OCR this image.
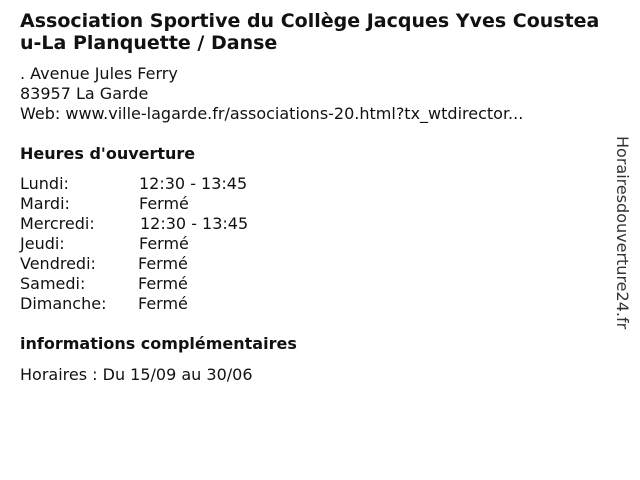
Association Sportive du Collège Jacques Yves Cousteau-La Planquette / Danse
. Avenue Jules Ferry
83957 La Garde
Web: www.ville-lagarde.fr/associations-20.html?tx_wtdirector...
Heures d'ouverture
Lundi:	12:30 - 13:45
Mardi:	Fermé
Mercredi:	12:30 - 13:45
Jeudi:	Fermé
Vendredi:	Fermé
Samedi:	Fermé
Dimanche: Fermé
informations complémentaires
Horaires : Du 15/09 au 30/06
Horairesdouverture24.fr
